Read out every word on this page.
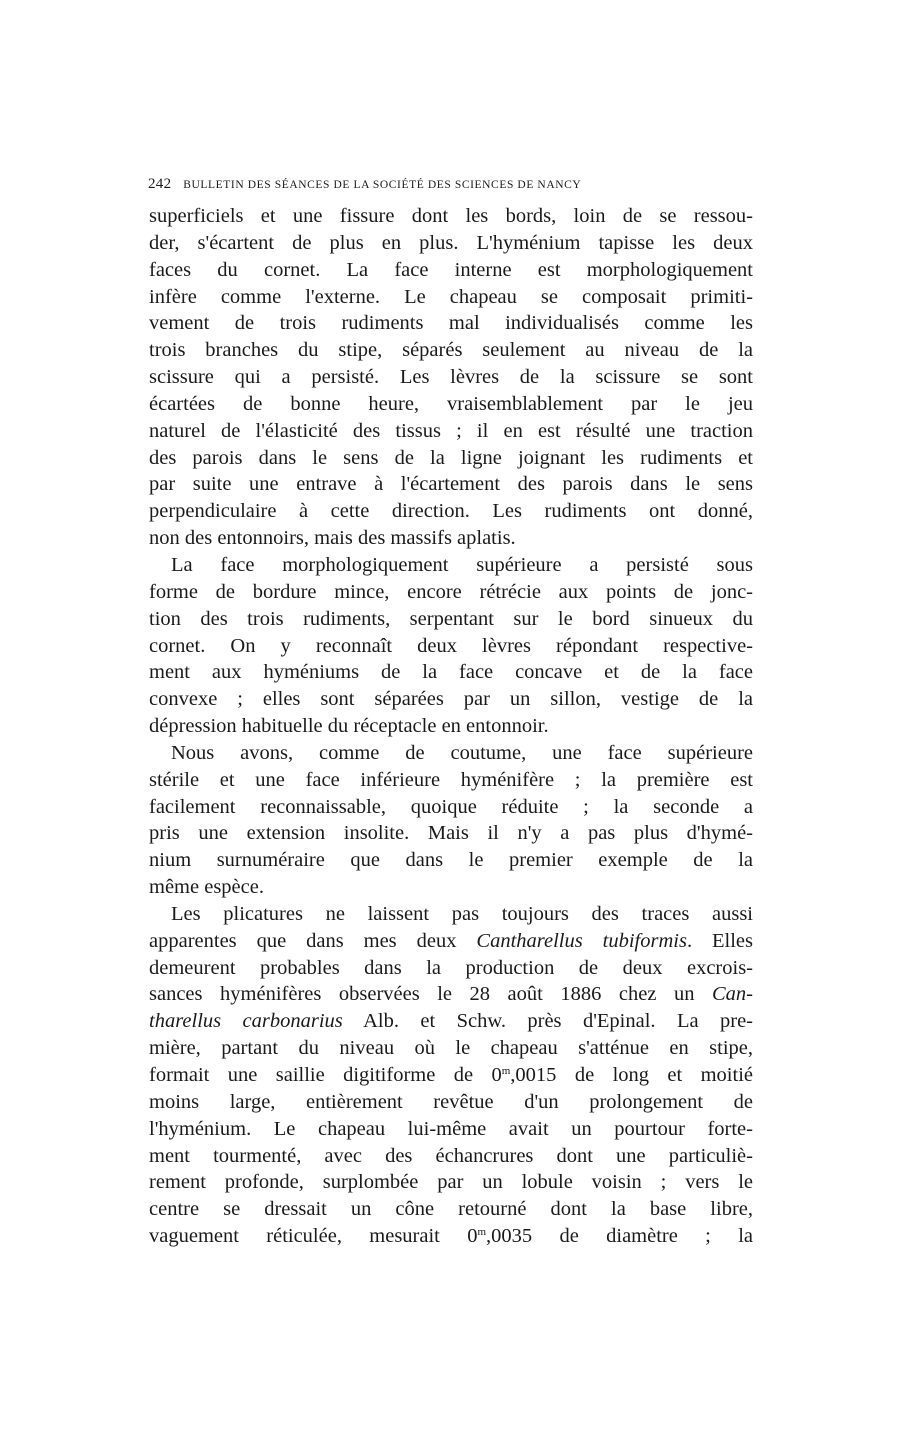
242 BULLETIN DES SÉANCES DE LA SOCIÉTÉ DES SCIENCES DE NANCY
superficiels et une fissure dont les bords, loin de se ressou-
der, s'écartent de plus en plus. L'hyménium tapisse les deux
faces du cornet. La face interne est morphologiquement
infère comme l'externe. Le chapeau se composait primiti-
vement de trois rudiments mal individualisés comme les
trois branches du stipe, séparés seulement au niveau de la
scissure qui a persisté. Les lèvres de la scissure se sont
écartées de bonne heure, vraisemblablement par le jeu
naturel de l'élasticité des tissus ; il en est résulté une traction
des parois dans le sens de la ligne joignant les rudiments et
par suite une entrave à l'écartement des parois dans le sens
perpendiculaire à cette direction. Les rudiments ont donné,
non des entonnoirs, mais des massifs aplatis.
La face morphologiquement supérieure a persisté sous
forme de bordure mince, encore rétrécie aux points de jonc-
tion des trois rudiments, serpentant sur le bord sinueux du
cornet. On y reconnaît deux lèvres répondant respective-
ment aux hyméniums de la face concave et de la face
convexe ; elles sont séparées par un sillon, vestige de la
dépression habituelle du réceptacle en entonnoir.
Nous avons, comme de coutume, une face supérieure
stérile et une face inférieure hyménifère ; la première est
facilement reconnaissable, quoique réduite ; la seconde a
pris une extension insolite. Mais il n'y a pas plus d'hymé-
nium surnuméraire que dans le premier exemple de la
même espèce.
Les plicatures ne laissent pas toujours des traces aussi
apparentes que dans mes deux Cantharellus tubiformis. Elles
demeurent probables dans la production de deux excrois-
sances hyménifères observées le 28 août 1886 chez un Can-
tharellus carbonarius Alb. et Schw. près d'Epinal. La pre-
mière, partant du niveau où le chapeau s'atténue en stipe,
formait une saillie digitiforme de 0$^m$,0015 de long et moitié
moins large, entièrement revêtue d'un prolongement de
l'hyménium. Le chapeau lui-même avait un pourtour forte-
ment tourmenté, avec des échancrures dont une particuliè-
rement profonde, surplombée par un lobule voisin ; vers le
centre se dressait un cône retourné dont la base libre,
vaguement réticulée, mesurait 0$^m$,0035 de diamètre ; la
